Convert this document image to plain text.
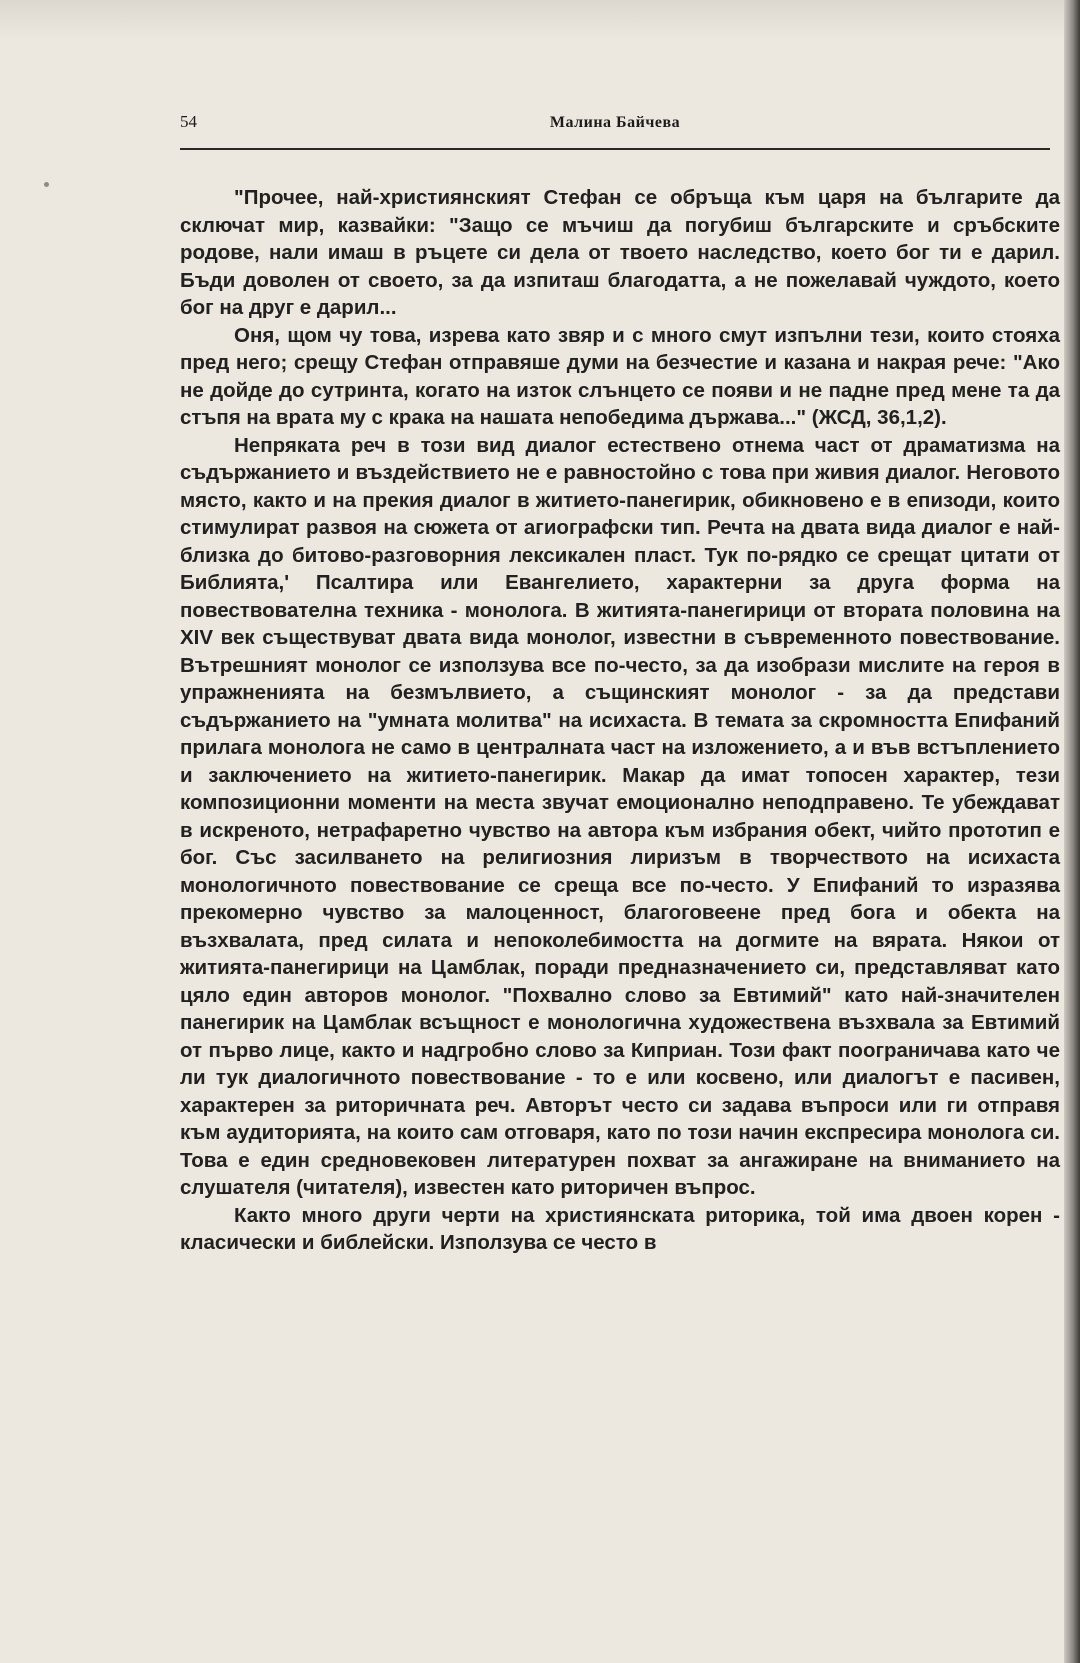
54	Малина Байчева

"Прочее, най-християнският Стефан се обръща към царя на българите да сключат мир, казвайки: "Защо се мъчиш да погубиш българските и сръбските родове, нали имаш в ръцете си дела от твоето наследство, което бог ти е дарил. Бъди доволен от своето, за да изпиташ благодатта, а не пожелавай чуждото, което бог на друг е дарил...

Оня, щом чу това, изрева като звяр и с много смут изпълни тези, които стояха пред него; срещу Стефан отправяше думи на безчестие и казана и накрая рече: "Ако не дойде до сутринта, когато на изток слънцето се появи и не падне пред мене та да стъпя на врата му с крака на нашата непобедима държава..." (ЖСД, 36,1,2).

Непряката реч в този вид диалог естествено отнема част от драматизма на съдържанието и въздействието не е равностойно с това при живия диалог. Неговото място, както и на прекия диалог в житието-панегирик, обикновено е в епизоди, които стимулират развоя на сюжета от агиографски тип. Речта на двата вида диалог е най-близка до битово-разговорния лексикален пласт. Тук по-рядко се срещат цитати от Библията,' Псалтира или Евангелието, характерни за друга форма на повествователна техника - монолога. В житията-панегирици от втората половина на XIV век съществуват двата вида монолог, известни в съвременното повествование. Вътрешният монолог се използува все по-често, за да изобрази мислите на героя в упражненията на безмълвието, а същинският монолог - за да представи съдържанието на "умната молитва" на исихаста. В темата за скромността Епифаний прилага монолога не само в централната част на изложението, а и във встъплението и заключението на житието-панегирик. Макар да имат топосен характер, тези композиционни моменти на места звучат емоционално неподправено. Те убеждават в искреното, нетрафаретно чувство на автора към избрания обект, чийто прототип е бог. Със засилването на религиозния лиризъм в творчеството на исихаста монологичното повествование се среща все по-често. У Епифаний то изразява прекомерно чувство за малоценност, благоговеене пред бога и обекта на възхвалата, пред силата и непоколебимостта на догмите на вярата. Някои от житията-панегирици на Цамблак, поради предназначението си, представляват като цяло един авторов монолог. "Похвално слово за Евтимий" като най-значителен панегирик на Цамблак всъщност е монологична художествена възхвала за Евтимий от първо лице, както и надгробно слово за Киприан. Този факт поограничава като че ли тук диалогичното повествование - то е или косвено, или диалогът е пасивен, характерен за риторичната реч. Авторът често си задава въпроси или ги отправя към аудиторията, на които сам отговаря, като по този начин експресира монолога си. Това е един средновековен литературен похват за ангажиране на вниманието на слушателя (читателя), известен като риторичен въпрос.

Както много други черти на християнската риторика, той има двоен корен - класически и библейски. Използува се често в
